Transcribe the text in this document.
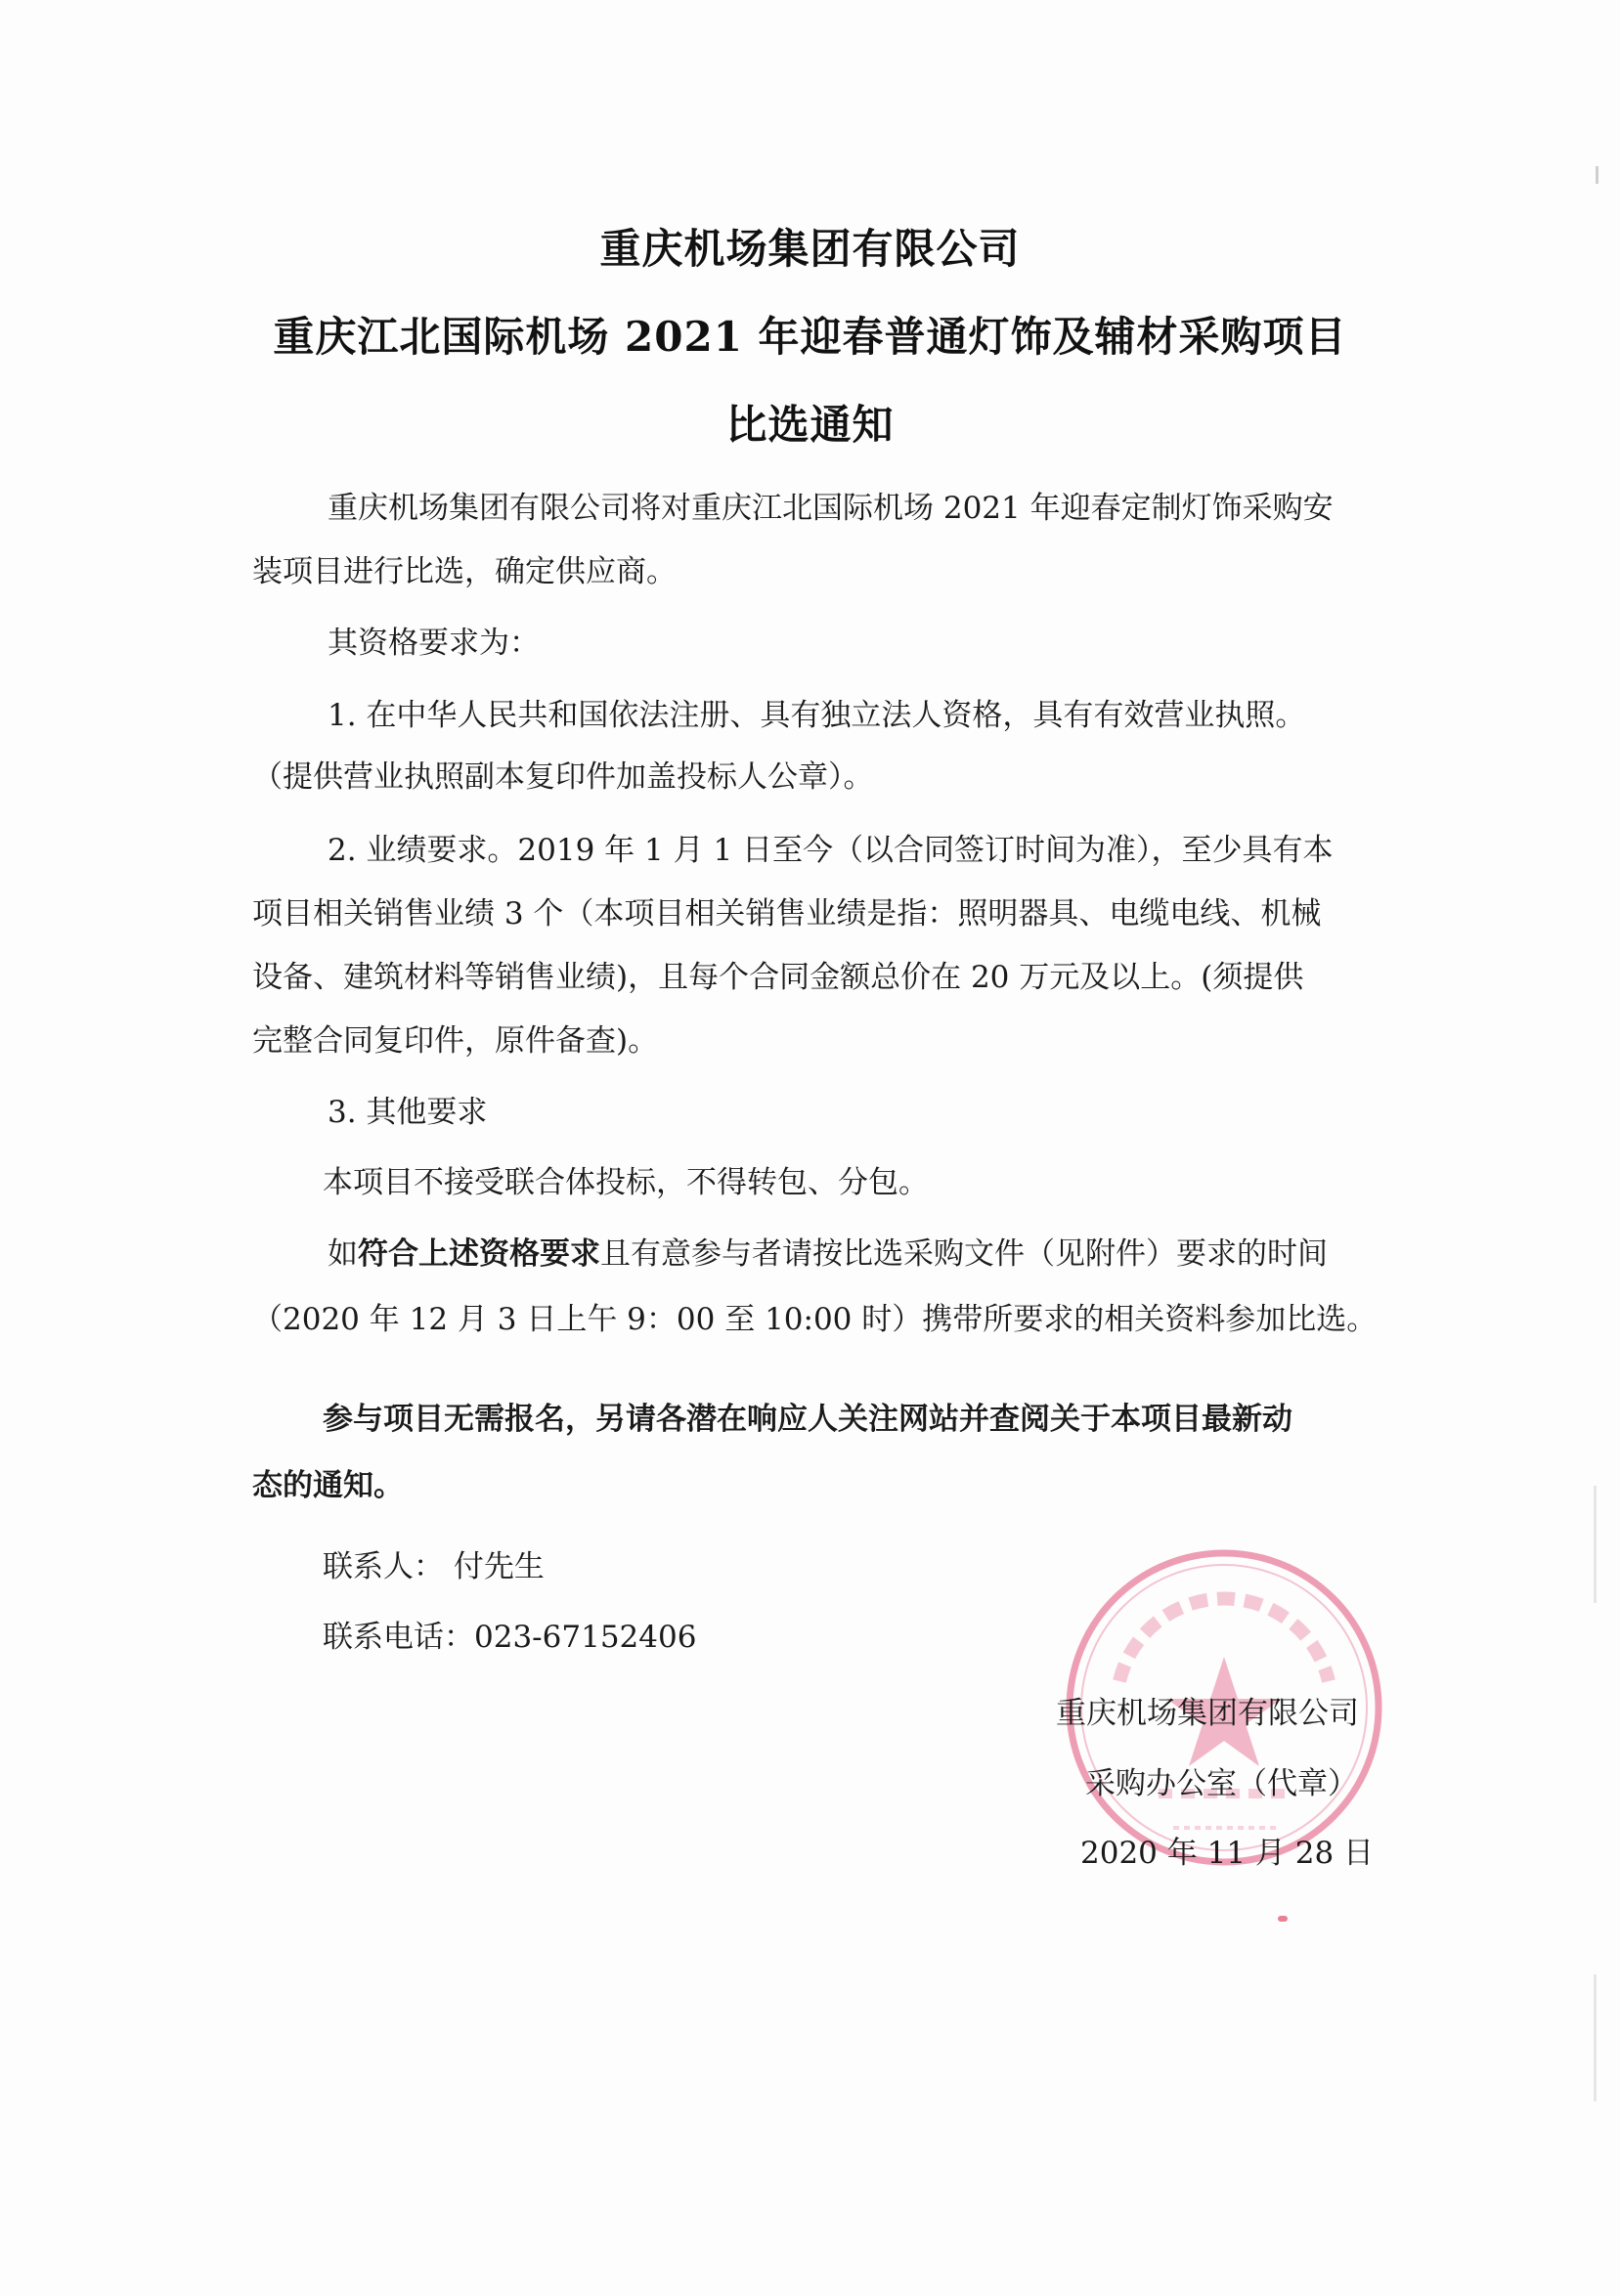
重庆机场集团有限公司
重庆江北国际机场 2021 年迎春普通灯饰及辅材采购项目
比选通知
重庆机场集团有限公司将对重庆江北国际机场 2021 年迎春定制灯饰采购安
装项目进行比选，确定供应商。
其资格要求为：
1. 在中华人民共和国依法注册、具有独立法人资格，具有有效营业执照。
（提供营业执照副本复印件加盖投标人公章）。
2. 业绩要求。2019 年 1 月 1 日至今（以合同签订时间为准），至少具有本
项目相关销售业绩 3 个（本项目相关销售业绩是指：照明器具、电缆电线、机械
设备、建筑材料等销售业绩)，且每个合同金额总价在 20 万元及以上。(须提供
完整合同复印件，原件备查)。
3. 其他要求
本项目不接受联合体投标，不得转包、分包。
如符合上述资格要求且有意参与者请按比选采购文件（见附件）要求的时间
（2020 年 12 月 3 日上午 9：00 至 10:00 时）携带所要求的相关资料参加比选。
参与项目无需报名，另请各潜在响应人关注网站并查阅关于本项目最新动
态的通知。
联系人： 付先生
联系电话：023-67152406
重庆机场集团有限公司
采购办公室（代章）
2020 年 11 月 28 日
